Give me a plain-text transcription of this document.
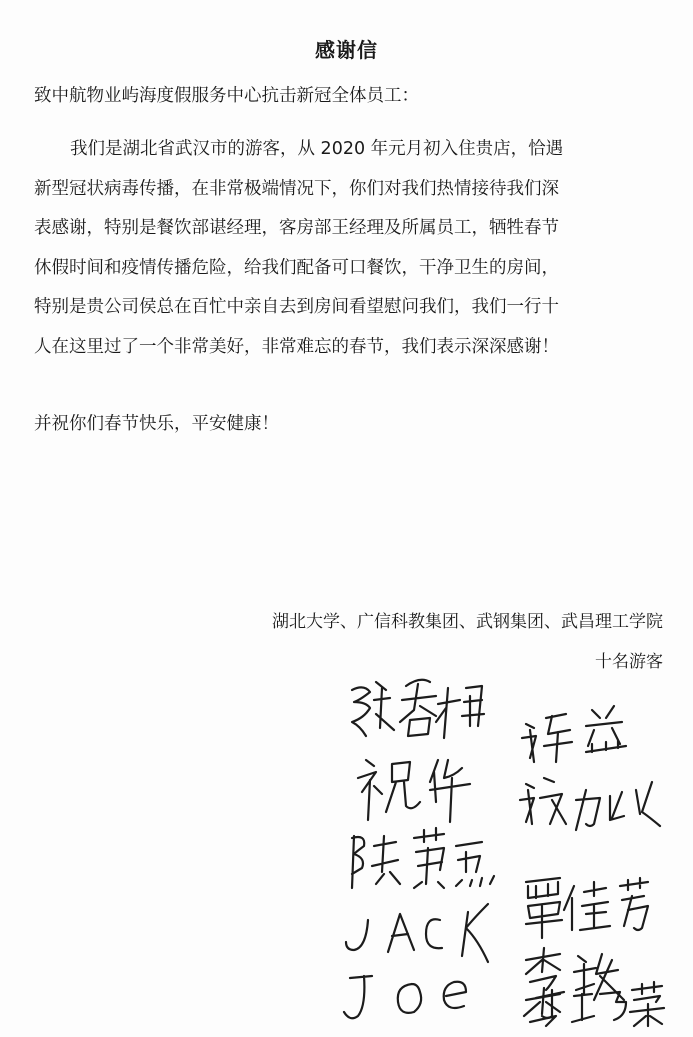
感谢信
致中航物业屿海度假服务中心抗击新冠全体员工：
我们是湖北省武汉市的游客，从 2020 年元月初入住贵店，恰遇
新型冠状病毒传播，在非常极端情况下，你们对我们热情接待我们深
表感谢，特别是餐饮部谌经理，客房部王经理及所属员工，牺牲春节
休假时间和疫情传播危险，给我们配备可口餐饮，干净卫生的房间，
特别是贵公司侯总在百忙中亲自去到房间看望慰问我们，我们一行十
人在这里过了一个非常美好，非常难忘的春节，我们表示深深感谢！
并祝你们春节快乐，平安健康！
湖北大学、广信科教集团、武钢集团、武昌理工学院
十名游客
